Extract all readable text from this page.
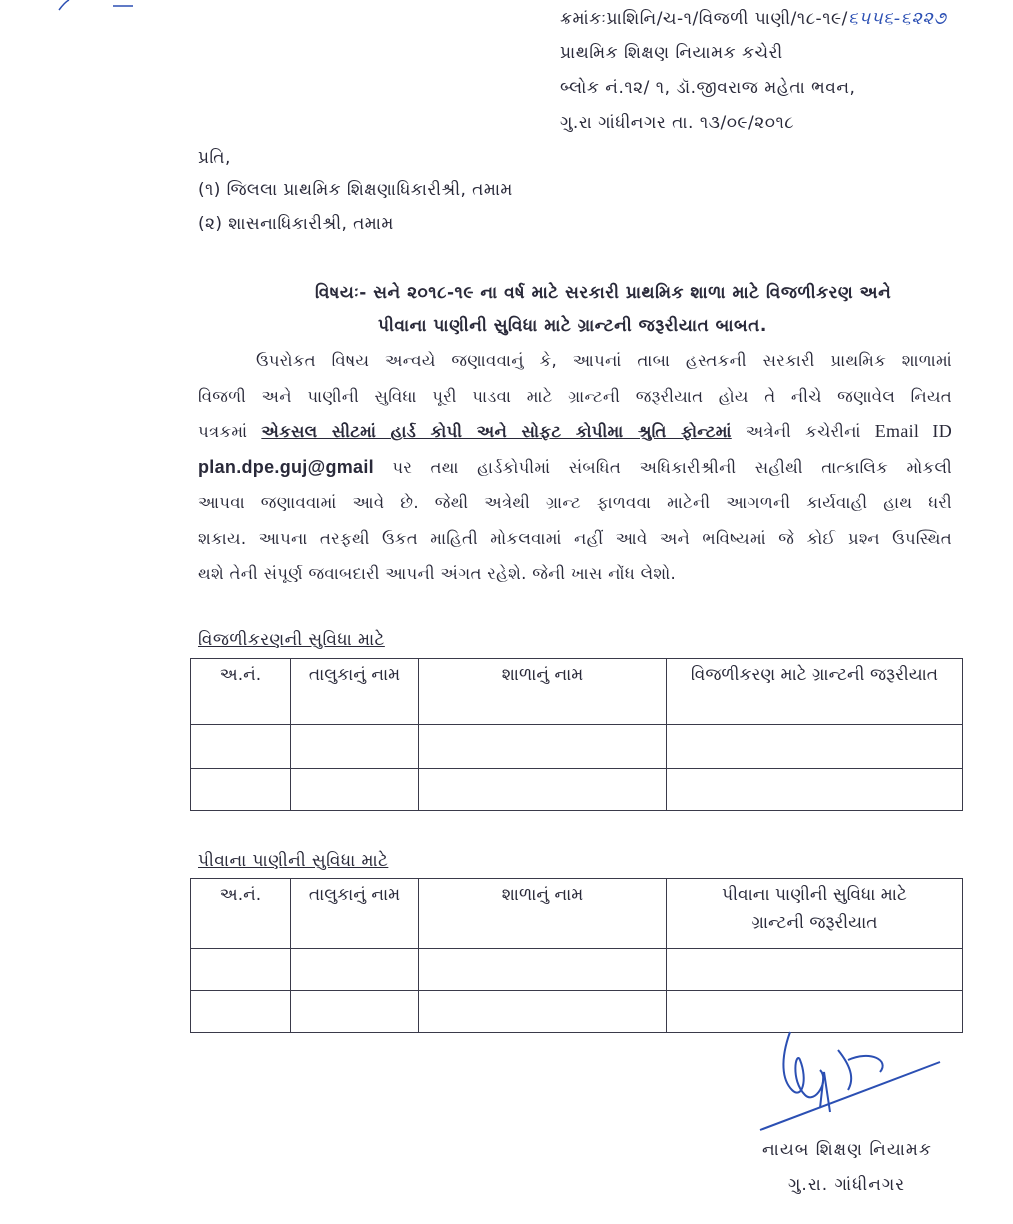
ક્રમાંકઃપ્રાશિનિ/ચ-૧/વિજળી પાણી/૧૮-૧૯/૬૫૫૬-૬૨૨૭
પ્રાથમિક શિક્ષણ નિયામક કચેરી
બ્લોક નં.૧૨/ ૧, ડૉ.જીવરાજ મહેતા ભવન,
ગુ.રા ગાંધીનગર તા. ૧૩/૦૯/૨૦૧૮
પ્રતિ,
(૧) જિલલા પ્રાથમિક શિક્ષણાધિકારીશ્રી, તમામ
(૨) શાસનાધિકારીશ્રી, તમામ
વિષયઃ- સને ૨૦૧૮-૧૯ ના વર્ષ માટે સરકારી પ્રાથમિક શાળા માટે વિજળીકરણ અને
પીવાના પાણીની સુવિધા માટે ગ્રાન્ટની જરૂરીયાત બાબત.
ઉપરોકત વિષય અન્વયે જણાવવાનું કે, આપનાં તાબા હસ્તકની સરકારી પ્રાથમિક શાળામાં
વિજળી અને પાણીની સુવિધા પૂરી પાડવા માટે ગ્રાન્ટની જરૂરીયાત હોય તે નીચે જણાવેલ નિયત
પત્રકમાં એકસલ સીટમાં હાર્ડ કોપી અને સોફટ કોપીમા શ્રુતિ ફોન્ટમાં અત્રેની કચેરીનાં Email ID
plan.dpe.guj@gmail પર તથા હાર્ડકોપીમાં સંબધિત અધિકારીશ્રીની સહીથી તાત્કાલિક મોકલી
આપવા જણાવવામાં આવે છે. જેથી અત્રેથી ગ્રાન્ટ ફાળવવા માટેની આગળની કાર્યવાહી હાથ ધરી
શકાય. આપના તરફથી ઉકત માહિતી મોકલવામાં નહીં આવે અને ભવિષ્યમાં જે કોઈ પ્રશ્ન ઉપસ્થિત
થશે તેની સંપૂર્ણ જવાબદારી આપની અંગત રહેશે. જેની ખાસ નોંધ લેશો.
વિજળીકરણની સુવિધા માટે
અ.નં.	તાલુકાનું નામ	શાળાનું નામ	વિજળીકરણ માટે ગ્રાન્ટની જરૂરીયાત

પીવાના પાણીની સુવિધા માટે
અ.નં.	તાલુકાનું નામ	શાળાનું નામ	પીવાના પાણીની સુવિધા માટે
ગ્રાન્ટની જરૂરીયાત

નાયબ શિક્ષણ નિયામક
ગુ.રા. ગાંધીનગર
